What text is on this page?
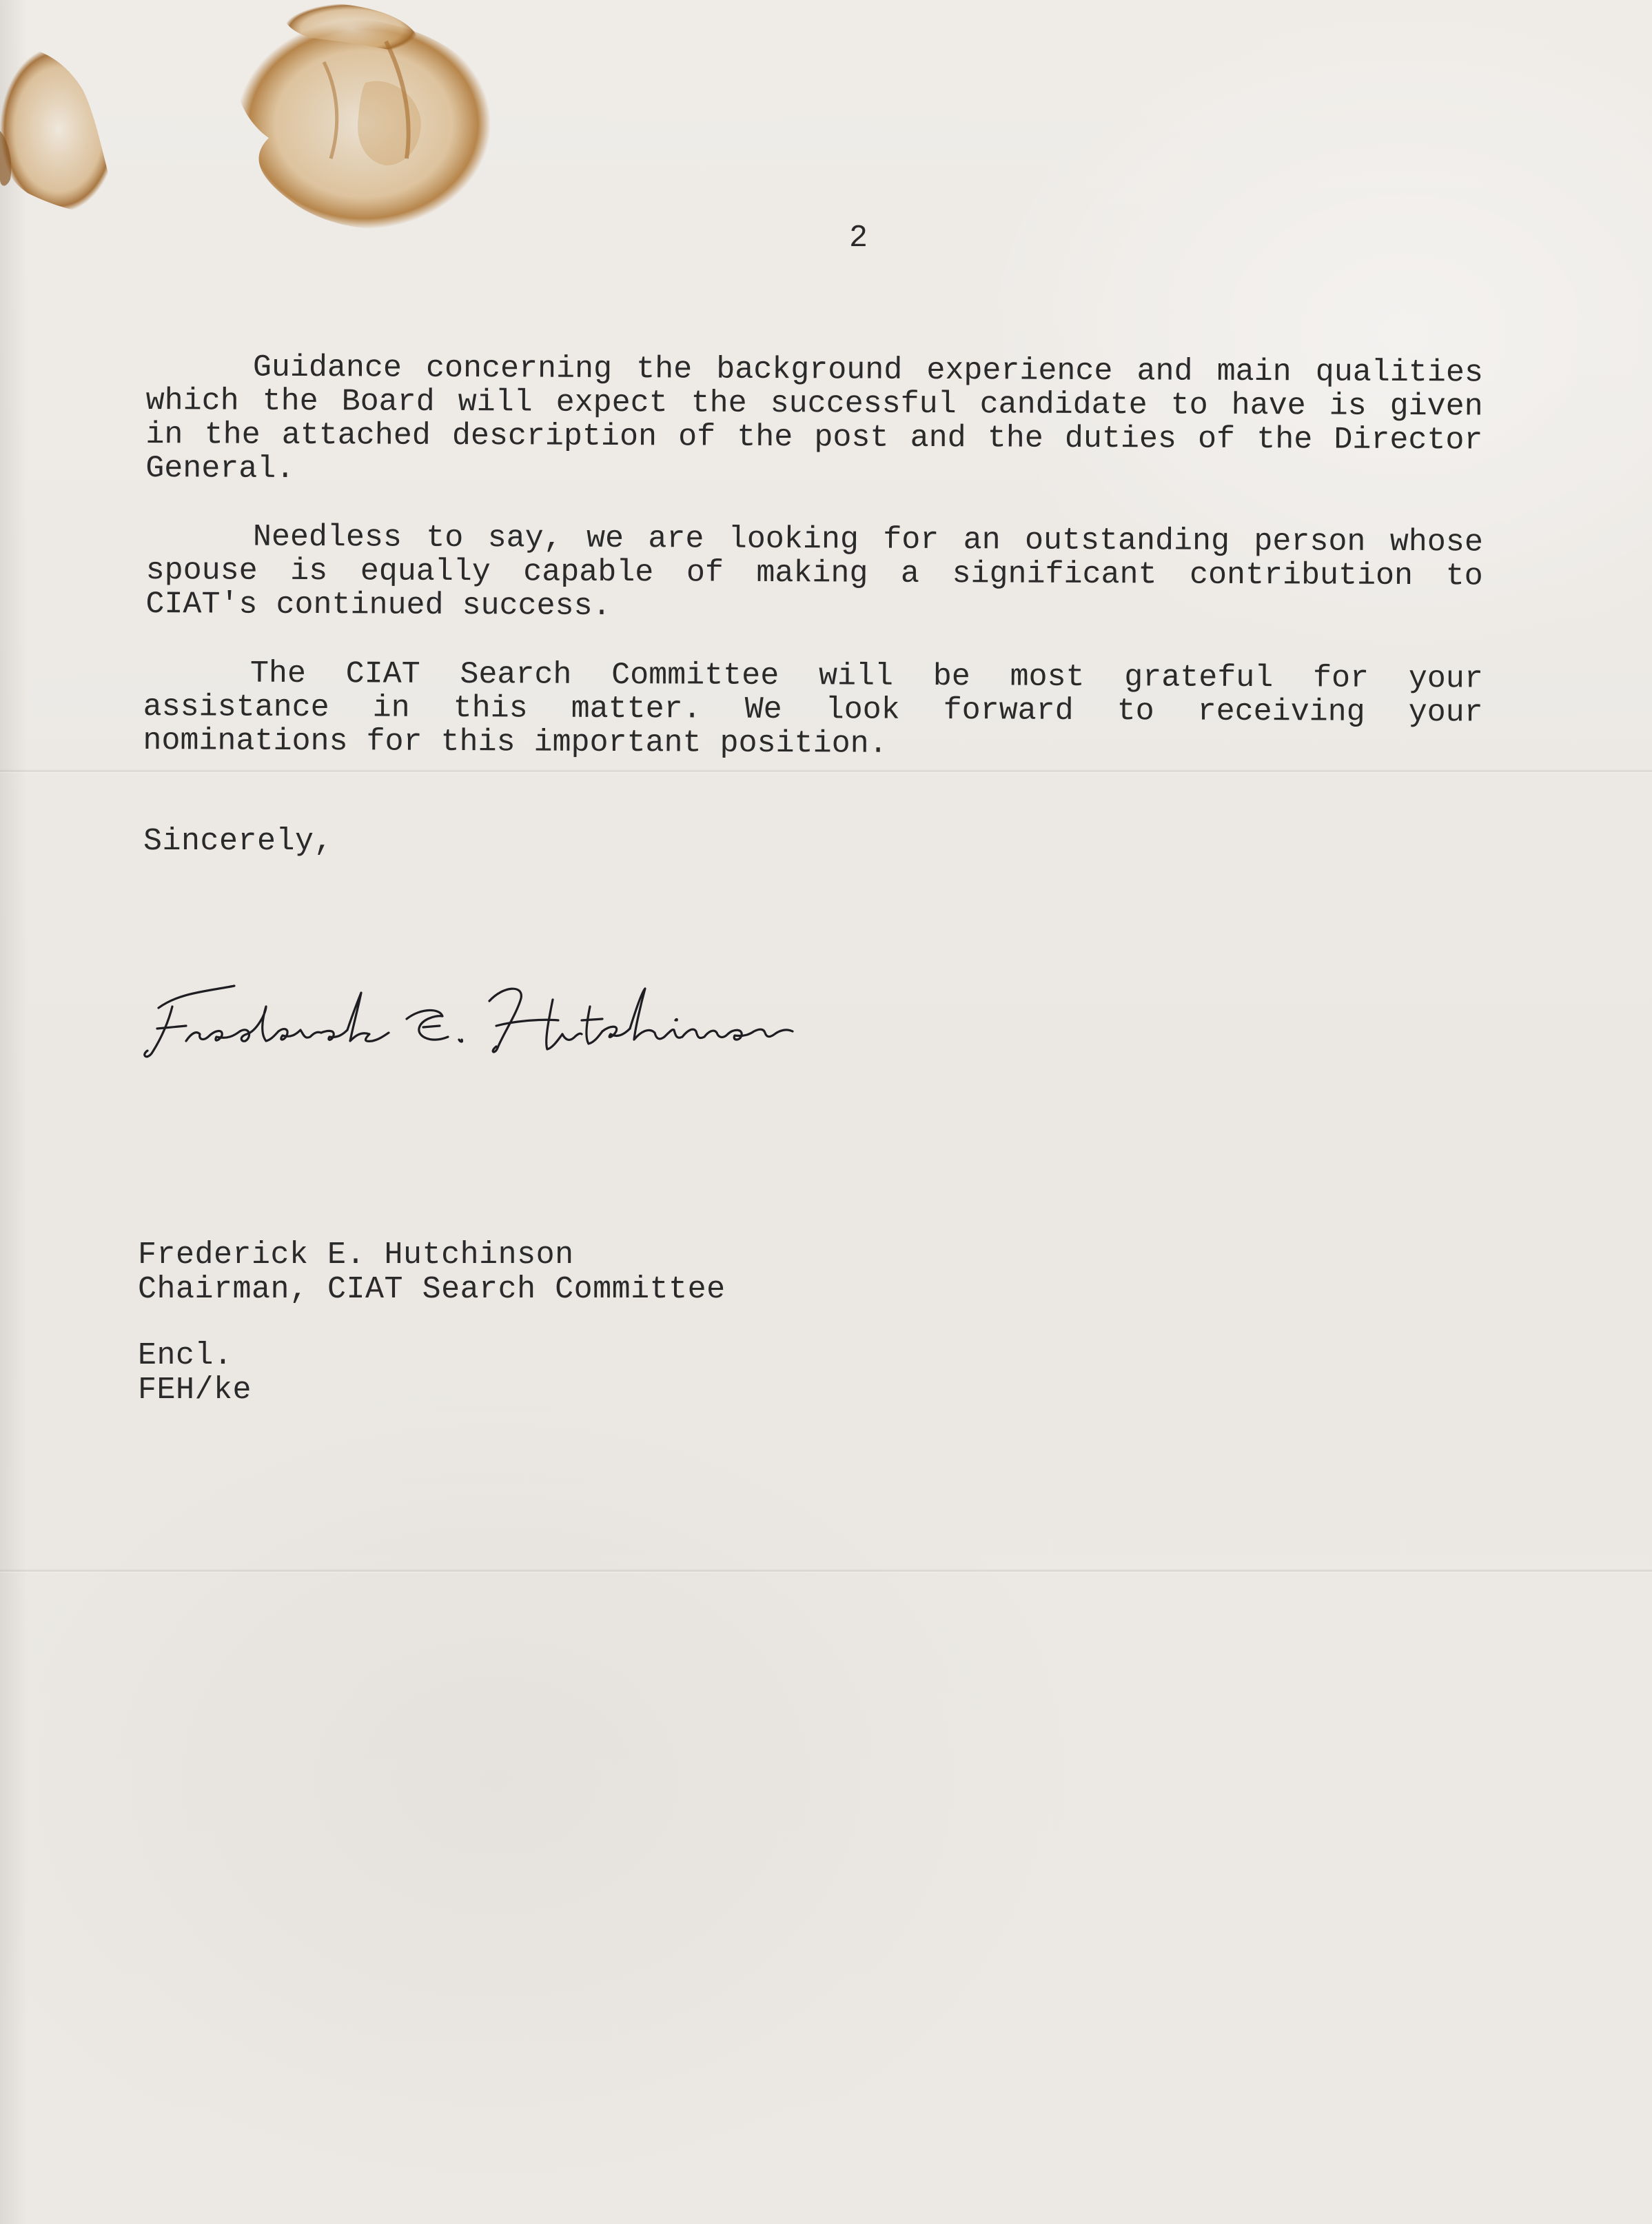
2
Guidance concerning the background experience and main qualities which the Board will expect the successful candidate to have is given in the attached description of the post and the duties of the Director General.
Needless to say, we are looking for an outstanding person whose spouse is equally capable of making a significant contribution to CIAT's continued success.
The CIAT Search Committee will be most grateful for your assistance in this matter. We look forward to receiving your nominations for this important position.
Sincerely,
Frederick E. Hutchinson
Chairman, CIAT Search Committee
Encl.
FEH/ke
